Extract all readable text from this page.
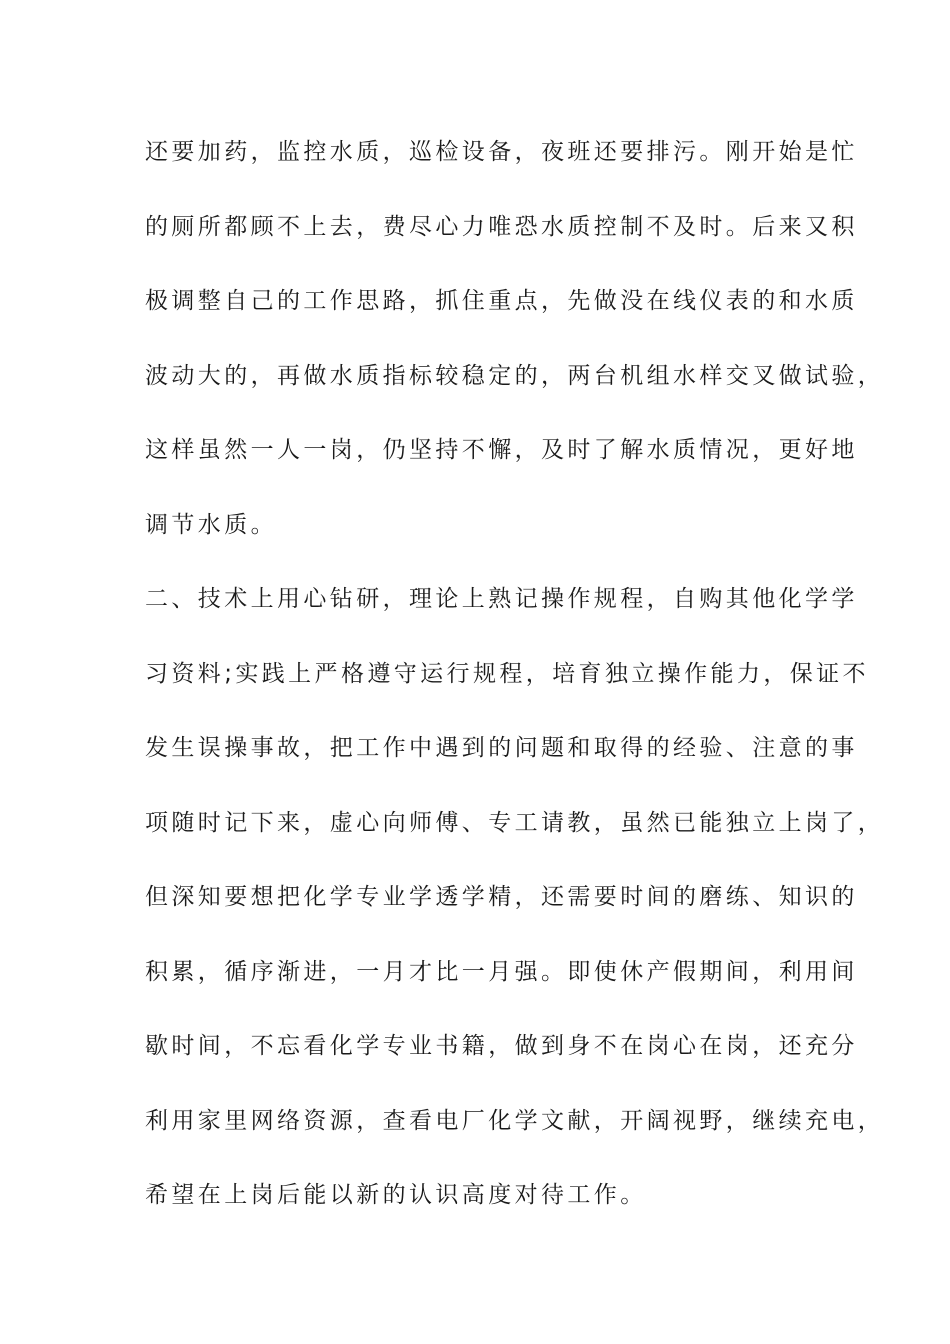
还要加药，监控水质，巡检设备，夜班还要排污。刚开始是忙
的厕所都顾不上去，费尽心力唯恐水质控制不及时。后来又积
极调整自己的工作思路，抓住重点，先做没在线仪表的和水质
波动大的，再做水质指标较稳定的，两台机组水样交叉做试验，
这样虽然一人一岗，仍坚持不懈，及时了解水质情况，更好地
调节水质。
二、技术上用心钻研，理论上熟记操作规程，自购其他化学学
习资料;实践上严格遵守运行规程，培育独立操作能力，保证不
发生误操事故，把工作中遇到的问题和取得的经验、注意的事
项随时记下来，虚心向师傅、专工请教，虽然已能独立上岗了，
但深知要想把化学专业学透学精，还需要时间的磨练、知识的
积累，循序渐进，一月才比一月强。即使休产假期间，利用间
歇时间，不忘看化学专业书籍，做到身不在岗心在岗，还充分
利用家里网络资源，查看电厂化学文献，开阔视野，继续充电，
希望在上岗后能以新的认识高度对待工作。
